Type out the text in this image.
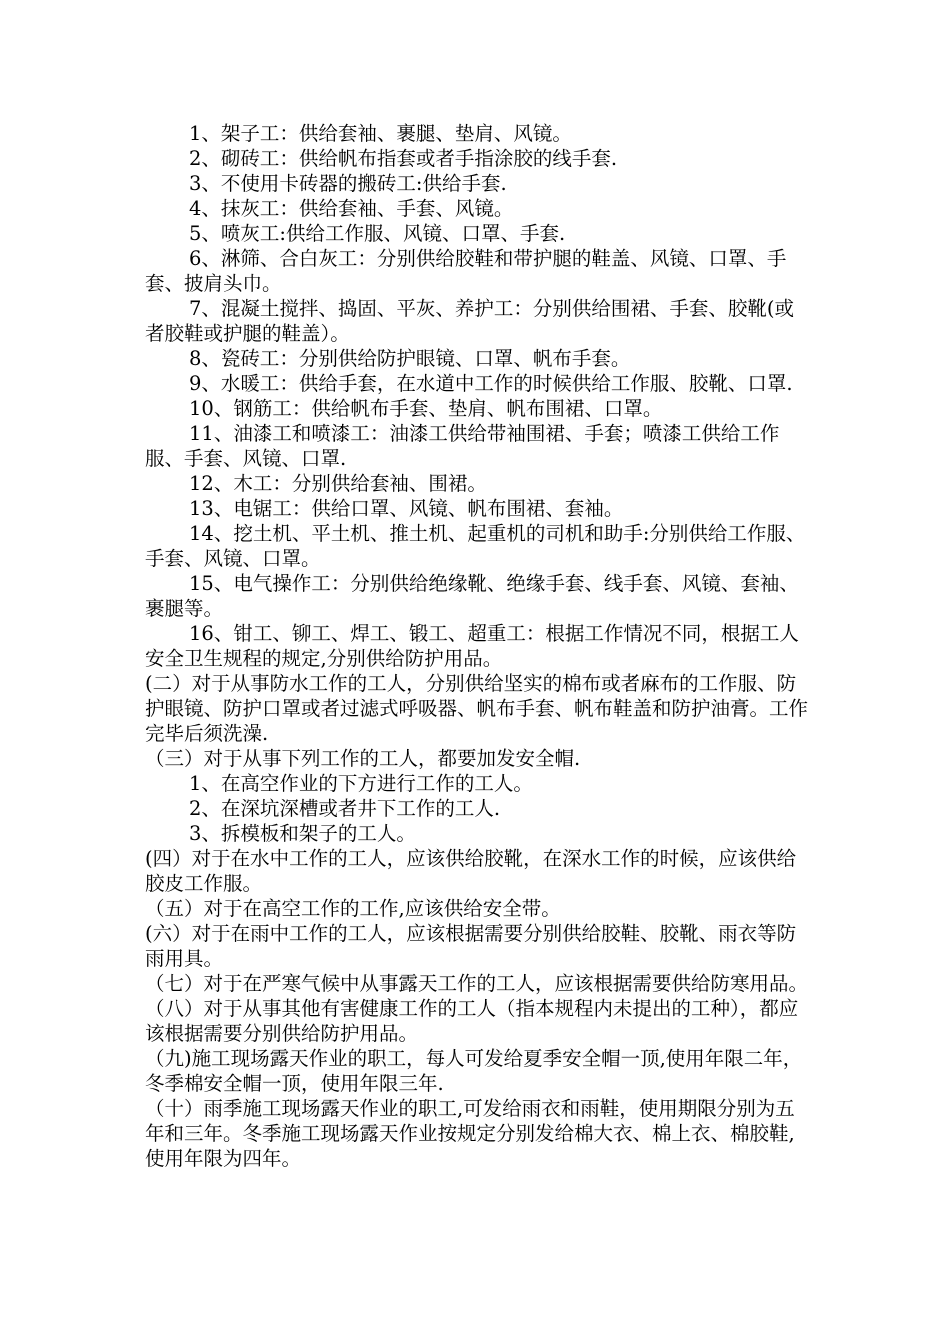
1、架子工：供给套袖、裹腿、垫肩、风镜。

2、砌砖工：供给帆布指套或者手指涂胶的线手套.

3、不使用卡砖器的搬砖工:供给手套.

4、抹灰工：供给套袖、手套、风镜。

5、喷灰工:供给工作服、风镜、口罩、手套.

6、淋筛、合白灰工：分别供给胶鞋和带护腿的鞋盖、风镜、口罩、手套、披肩头巾。

7、混凝土搅拌、捣固、平灰、养护工：分别供给围裙、手套、胶靴(或者胶鞋或护腿的鞋盖）。

8、瓷砖工：分别供给防护眼镜、口罩、帆布手套。

9、水暖工：供给手套，在水道中工作的时候供给工作服、胶靴、口罩.

10、钢筋工：供给帆布手套、垫肩、帆布围裙、口罩。

11、油漆工和喷漆工：油漆工供给带袖围裙、手套；喷漆工供给工作服、手套、风镜、口罩.

12、木工：分别供给套袖、围裙。

13、电锯工：供给口罩、风镜、帆布围裙、套袖。

14、挖土机、平土机、推土机、起重机的司机和助手:分别供给工作服、手套、风镜、口罩。

15、电气操作工：分别供给绝缘靴、绝缘手套、线手套、风镜、套袖、裹腿等。

16、钳工、铆工、焊工、锻工、超重工：根据工作情况不同，根据工人安全卫生规程的规定,分别供给防护用品。

(二）对于从事防水工作的工人，分别供给坚实的棉布或者麻布的工作服、防护眼镜、防护口罩或者过滤式呼吸器、帆布手套、帆布鞋盖和防护油膏。工作完毕后须洗澡.

（三）对于从事下列工作的工人，都要加发安全帽.

1、在高空作业的下方进行工作的工人。

2、在深坑深槽或者井下工作的工人.

3、拆模板和架子的工人。

(四）对于在水中工作的工人，应该供给胶靴，在深水工作的时候，应该供给胶皮工作服。

（五）对于在高空工作的工作,应该供给安全带。

(六）对于在雨中工作的工人，应该根据需要分别供给胶鞋、胶靴、雨衣等防雨用具。

（七）对于在严寒气候中从事露天工作的工人，应该根据需要供给防寒用品。

（八）对于从事其他有害健康工作的工人（指本规程内未提出的工种），都应该根据需要分别供给防护用品。

（九)施工现场露天作业的职工，每人可发给夏季安全帽一顶,使用年限二年，冬季棉安全帽一顶，使用年限三年.

（十）雨季施工现场露天作业的职工,可发给雨衣和雨鞋，使用期限分别为五年和三年。冬季施工现场露天作业按规定分别发给棉大衣、棉上衣、棉胶鞋,使用年限为四年。
